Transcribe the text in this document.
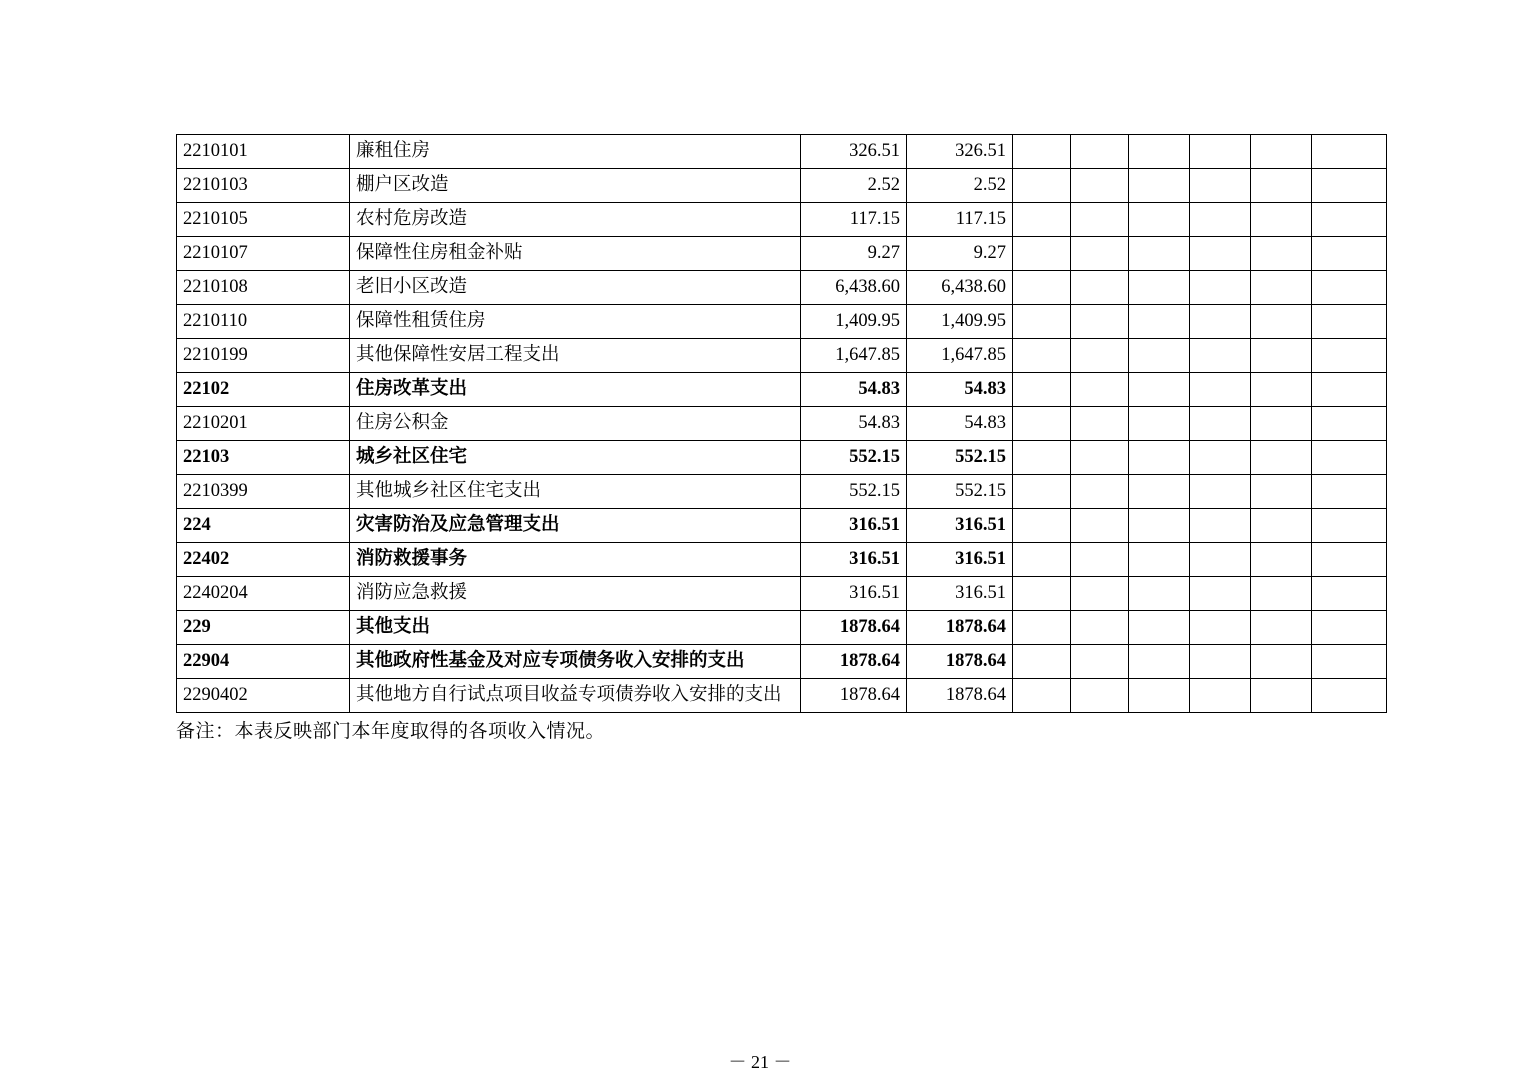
2210101	廉租住房	326.51	326.51						
2210103	棚户区改造	2.52	2.52						
2210105	农村危房改造	117.15	117.15						
2210107	保障性住房租金补贴	9.27	9.27						
2210108	老旧小区改造	6,438.60	6,438.60						
2210110	保障性租赁住房	1,409.95	1,409.95						
2210199	其他保障性安居工程支出	1,647.85	1,647.85						
22102	住房改革支出	54.83	54.83						
2210201	住房公积金	54.83	54.83						
22103	城乡社区住宅	552.15	552.15						
2210399	其他城乡社区住宅支出	552.15	552.15						
224	灾害防治及应急管理支出	316.51	316.51						
22402	消防救援事务	316.51	316.51						
2240204	消防应急救援	316.51	316.51						
229	其他支出	1878.64	1878.64						
22904	其他政府性基金及对应专项债务收入安排的支出	1878.64	1878.64						
2290402	其他地方自行试点项目收益专项债券收入安排的支出	1878.64	1878.64						
备注：本表反映部门本年度取得的各项收入情况。
－ 21 －
